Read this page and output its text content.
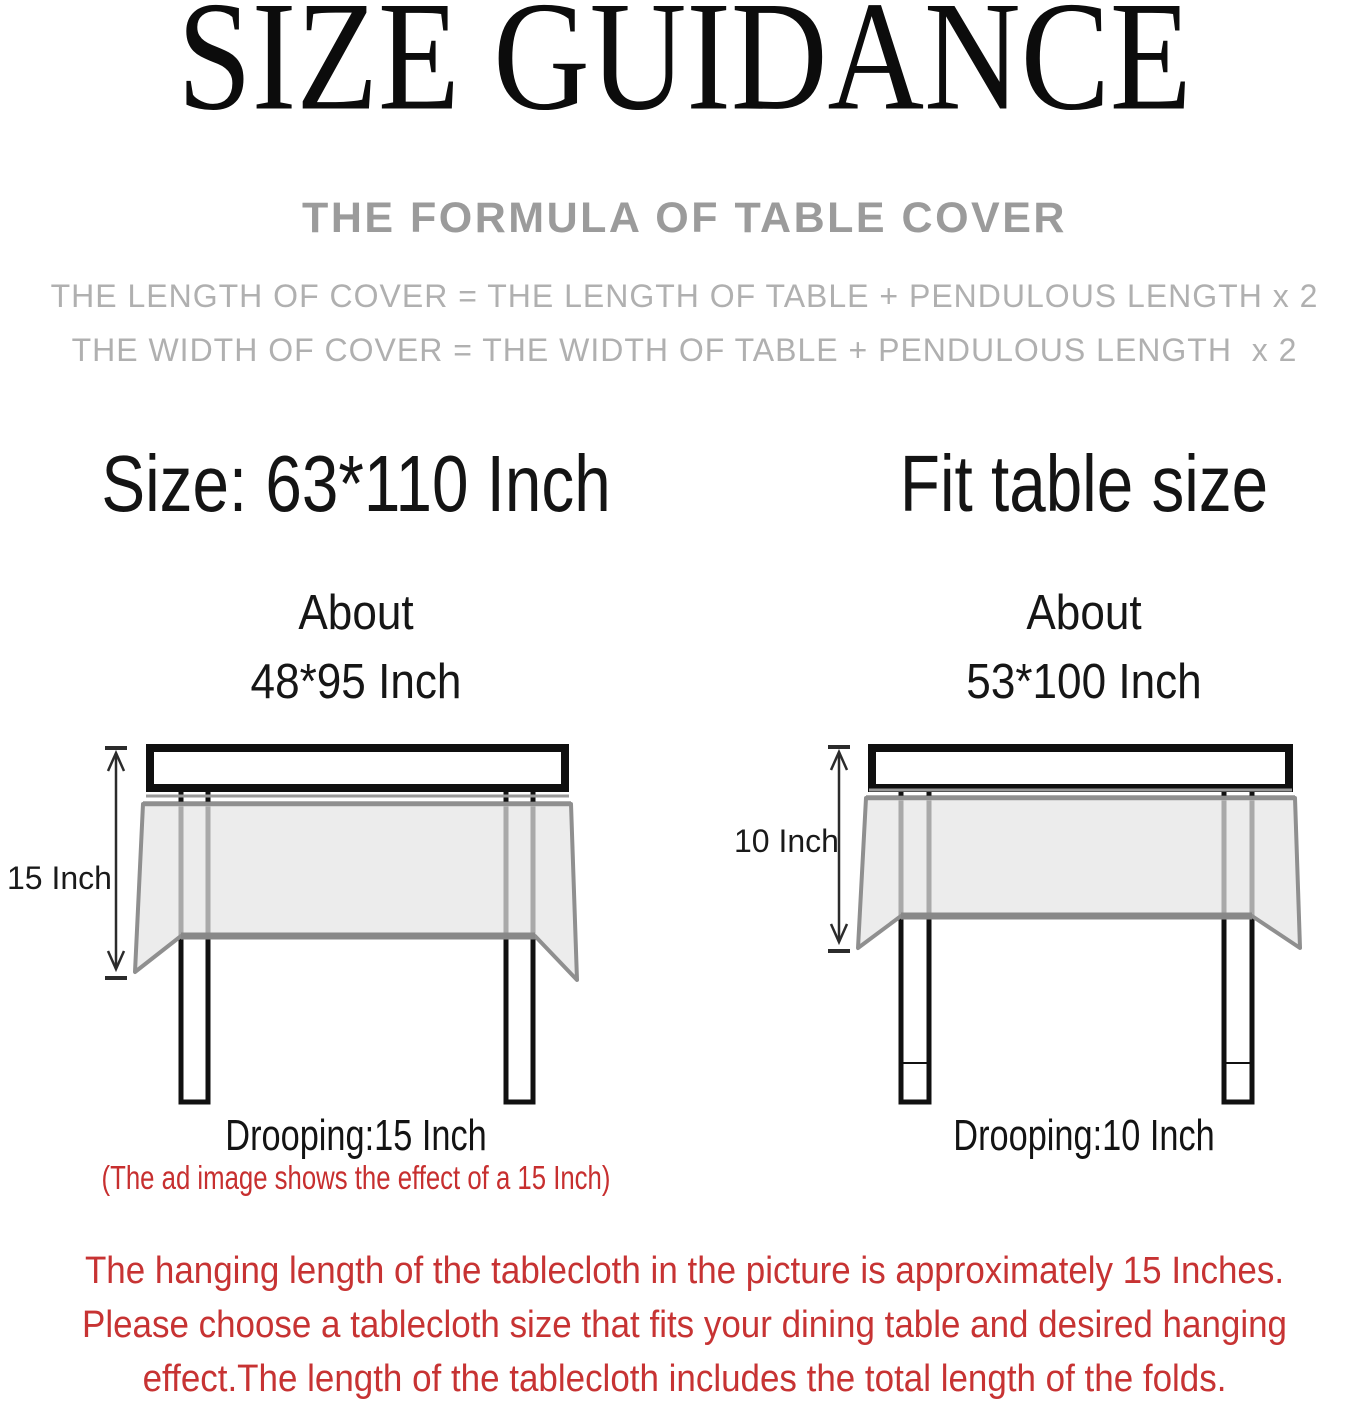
SIZE GUIDANCE
THE FORMULA OF TABLE COVER
THE LENGTH OF COVER = THE LENGTH OF TABLE + PENDULOUS LENGTH x 2
THE WIDTH OF COVER = THE WIDTH OF TABLE + PENDULOUS LENGTH  x 2
Size: 63*110 Inch
About
48*95 Inch
Fit table size
About
53*100 Inch
15 Inch
10 Inch
Drooping:15 Inch	Drooping:10 Inch
(The ad image shows the effect of a 15 Inch)
The hanging length of the tablecloth in the picture is approximately 15 Inches.
Please choose a tablecloth size that fits your dining table and desired hanging
effect.The length of the tablecloth includes the total length of the folds.
